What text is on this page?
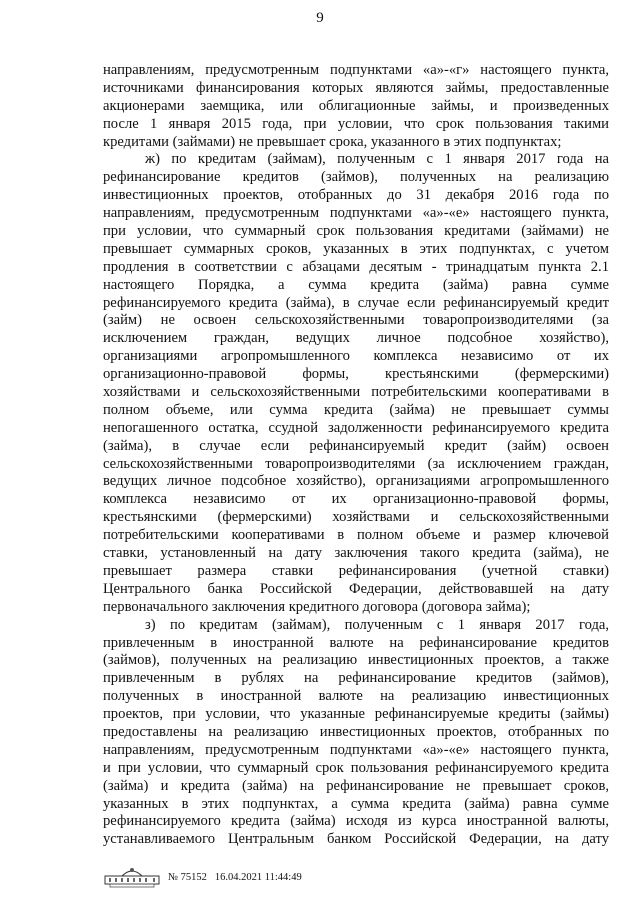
9
направлениям, предусмотренным подпунктами «а»-«г» настоящего пункта,
источниками финансирования которых являются займы, предоставленные
акционерами заемщика, или облигационные займы, и произведенных
после 1 января 2015 года, при условии, что срок пользования такими
кредитами (займами) не превышает срока, указанного в этих подпунктах;
ж) по кредитам (займам), полученным с 1 января 2017 года на
рефинансирование кредитов (займов), полученных на реализацию
инвестиционных проектов, отобранных до 31 декабря 2016 года по
направлениям, предусмотренным подпунктами «а»-«е» настоящего пункта,
при условии, что суммарный срок пользования кредитами (займами) не
превышает суммарных сроков, указанных в этих подпунктах, с учетом
продления в соответствии с абзацами десятым - тринадцатым пункта 2.1
настоящего Порядка, а сумма кредита (займа) равна сумме
рефинансируемого кредита (займа), в случае если рефинансируемый кредит
(займ) не освоен сельскохозяйственными товаропроизводителями (за
исключением граждан, ведущих личное подсобное хозяйство),
организациями агропромышленного комплекса независимо от их
организационно-правовой формы, крестьянскими (фермерскими)
хозяйствами и сельскохозяйственными потребительскими кооперативами в
полном объеме, или сумма кредита (займа) не превышает суммы
непогашенного остатка, ссудной задолженности рефинансируемого кредита
(займа), в случае если рефинансируемый кредит (займ) освоен
сельскохозяйственными товаропроизводителями (за исключением граждан,
ведущих личное подсобное хозяйство), организациями агропромышленного
комплекса независимо от их организационно-правовой формы,
крестьянскими (фермерскими) хозяйствами и сельскохозяйственными
потребительскими кооперативами в полном объеме и размер ключевой
ставки, установленный на дату заключения такого кредита (займа), не
превышает размера ставки рефинансирования (учетной ставки)
Центрального банка Российской Федерации, действовавшей на дату
первоначального заключения кредитного договора (договора займа);
з) по кредитам (займам), полученным с 1 января 2017 года,
привлеченным в иностранной валюте на рефинансирование кредитов
(займов), полученных на реализацию инвестиционных проектов, а также
привлеченным в рублях на рефинансирование кредитов (займов),
полученных в иностранной валюте на реализацию инвестиционных
проектов, при условии, что указанные рефинансируемые кредиты (займы)
предоставлены на реализацию инвестиционных проектов, отобранных по
направлениям, предусмотренным подпунктами «а»-«е» настоящего пункта,
и при условии, что суммарный срок пользования рефинансируемого кредита
(займа) и кредита (займа) на рефинансирование не превышает сроков,
указанных в этих подпунктах, а сумма кредита (займа) равна сумме
рефинансируемого кредита (займа) исходя из курса иностранной валюты,
устанавливаемого Центральным банком Российской Федерации, на дату
№ 75152 16.04.2021 11:44:49
